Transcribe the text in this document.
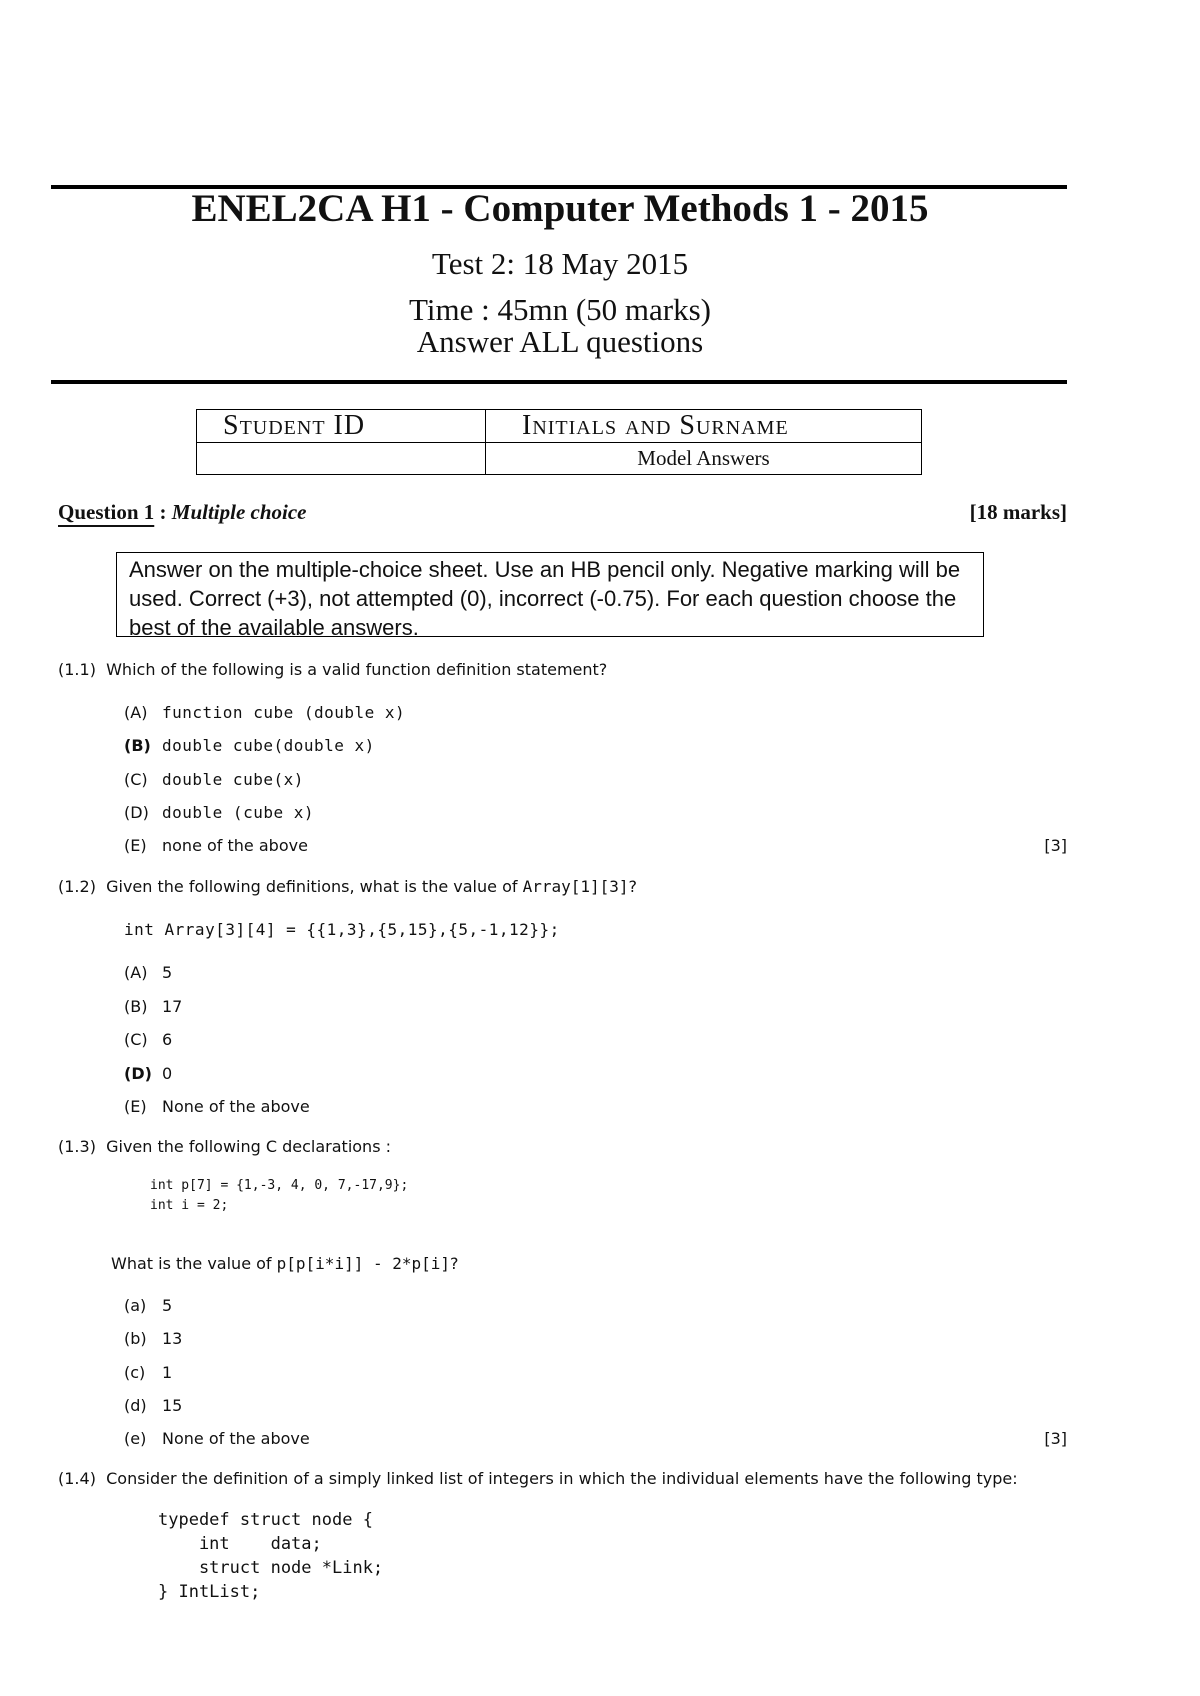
ENEL2CA H1 - Computer Methods 1 - 2015
Test 2: 18 May 2015
Time : 45mn (50 marks)
Answer ALL questions
Student ID	Initials and Surname
	Model Answers
Question 1 : Multiple choice	[18 marks]
Answer on the multiple-choice sheet. Use an HB pencil only. Negative marking will be used. Correct (+3), not attempted (0), incorrect (-0.75). For each question choose the best of the available answers.
(1.1) Which of the following is a valid function definition statement?
(A) function cube (double x)
(B) double cube(double x)
(C) double cube(x)
(D) double (cube x)
(E) none of the above	[3]
(1.2) Given the following definitions, what is the value of Array[1][3]?
int Array[3][4] = {{1,3},{5,15},{5,-1,12}};
(A) 5
(B) 17
(C) 6
(D) 0
(E) None of the above
(1.3) Given the following C declarations :
int p[7] = {1,-3, 4, 0, 7,-17,9};
int i = 2;
What is the value of p[p[i*i]] - 2*p[i]?
(a) 5
(b) 13
(c) 1
(d) 15
(e) None of the above	[3]
(1.4) Consider the definition of a simply linked list of integers in which the individual elements have the following type:
typedef struct node {
int    data;
struct node *Link;
} IntList;
